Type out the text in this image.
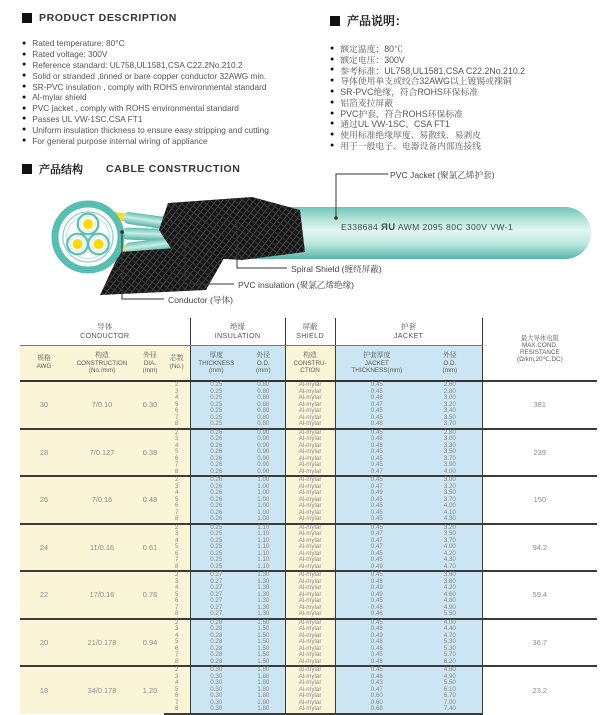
PRODUCT DESCRIPTION
● Rated temperature: 80°C
● Rated voltage: 300V
● Reference standard: UL758,UL1581,CSA C22.2No.210.2
● Solid or stranded ,tinned or bare copper conductor 32AWG min.
● SR-PVC insulation , comply with ROHS environmental standard
● Al-mylar shield
● PVC jacket , comply with ROHS environmental standard
● Passes UL VW-1SC,CSA FT1
● Uniform insulation thickness to ensure easy stripping and cutting
● For general purpose internal wiring of appliance
产品说明：
● 额定温度：80℃
● 额定电压：300V
● 参考标准：UL758,UL1581,CSA C22.2No.210.2
● 导体使用单支或绞合32AWG以上镀锡或裸铜
● SR-PVC绝缘，符合ROHS环保标准
● 铝箔麦拉屏蔽
● PVC护套，符合ROHS环保标准
● 通过UL VW-1SC、CSA FT1
● 使用标准绝缘厚度、易散线、易剥皮
● 用于一般电子、电器设备内部连接线
产品结构 CABLE CONSTRUCTION	PVC Jacket (聚氯乙烯护套)
Spiral Shield (缠绕屏蔽)
PVC insulation (聚氯乙烯绝缘)
Conductor (导体)
E338684 ЯU AWM 2095 80C 300V VW-1
导体
CONDUCTOR

绝缘
INSULATION

屏蔽
SHIELD

护套
JACKET	最大导体电阻
MAX.COND.
RESISTANCE
(Ω/km,20℃,DC)

规格
AWG

构造
CONSTRUCTION
(No./mm)

外径
DIA.
(mm)

芯数
(No.)

厚度
THICKNESS
(mm)

外径
O.D.
(mm)

构造
CONSTRU-
CTION

护套厚度
JACKET
THICKNESS(mm)

外径
O.D.
(mm)

30	7/0.10	0.30	2	0.25	0.80	Al-mylar	0.45	2.60	381
			3	0.25	0.80	Al-mylar	0.45	2.80	
			4	0.25	0.80	Al-mylar	0.48	3.00	
			5	0.25	0.80	Al-mylar	0.47	3.20	
			6	0.25	0.80	Al-mylar	0.45	3.40	
			7	0.25	0.80	Al-mylar	0.45	3.50	
			8	0.25	0.80	Al-mylar	0.48	3.70	
28	7/0.127	0.38	2	0.26	0.90	Al-mylar	0.45	2.80	239
			3	0.26	0.90	Al-mylar	0.48	3.00	
			4	0.26	0.90	Al-mylar	0.48	3.30	
			5	0.26	0.90	Al-mylar	0.45	3.50	
			6	0.26	0.90	Al-mylar	0.45	3.70	
			7	0.26	0.90	Al-mylar	0.45	3.90	
			8	0.26	0.90	Al-mylar	0.47	4.00	
26	7/0.16	0.48	2	0.26	1.00	Al-mylar	0.45	3.00	150
			3	0.26	1.00	Al-mylar	0.47	3.20	
			4	0.26	1.00	Al-mylar	0.49	3.50	
			5	0.26	1.00	Al-mylar	0.45	3.70	
			6	0.26	1.00	Al-mylar	0.45	4.00	
			7	0.26	1.00	Al-mylar	0.45	4.10	
			8	0.26	1.00	Al-mylar	0.45	4.30	
24	11/0.16	0.61	2	0.25	1.10	Al-mylar	0.45	3.20	94.2
			3	0.25	1.10	Al-mylar	0.47	3.50	
			4	0.25	1.10	Al-mylar	0.47	3.70	
			5	0.25	1.10	Al-mylar	0.47	4.00	
			6	0.25	1.10	Al-mylar	0.45	4.20	
			7	0.25	1.10	Al-mylar	0.45	4.30	
			8	0.25	1.10	Al-mylar	0.49	4.70	
22	17/0.16	0.76	2	0.27	1.30	Al-mylar	0.45	3.60	59.4
			3	0.27	1.30	Al-mylar	0.48	3.80	
			4	0.27	1.30	Al-mylar	0.49	4.20	
			5	0.27	1.30	Al-mylar	0.49	4.60	
			6	0.27	1.30	Al-mylar	0.45	4.80	
			7	0.27	1.30	Al-mylar	0.46	4.90	
			8	0.27	1.30	Al-mylar	0.46	5.50	
20	21/0.178	0.94	2	0.28	1.50	Al-mylar	0.45	4.00	36.7
			3	0.28	1.50	Al-mylar	0.48	4.40	
			4	0.28	1.50	Al-mylar	0.49	4.70	
			5	0.28	1.50	Al-mylar	0.48	5.30	
			6	0.28	1.50	Al-mylar	0.48	5.30	
			7	0.28	1.50	Al-mylar	0.45	5.70	
			8	0.28	1.50	Al-mylar	0.48	6.20	
18	34/0.178	1.20	2	0.30	1.80	Al-mylar	0.45	4.60	23.2
			3	0.30	1.80	Al-mylar	0.46	4.90	
			4	0.30	1.80	Al-mylar	0.43	5.50	
			5	0.30	1.80	Al-mylar	0.47	6.10	
			6	0.30	1.80	Al-mylar	0.60	6.70	
			7	0.30	1.80	Al-mylar	0.60	7.00	
			8	0.30	1.80	Al-mylar	0.68	7.40	
